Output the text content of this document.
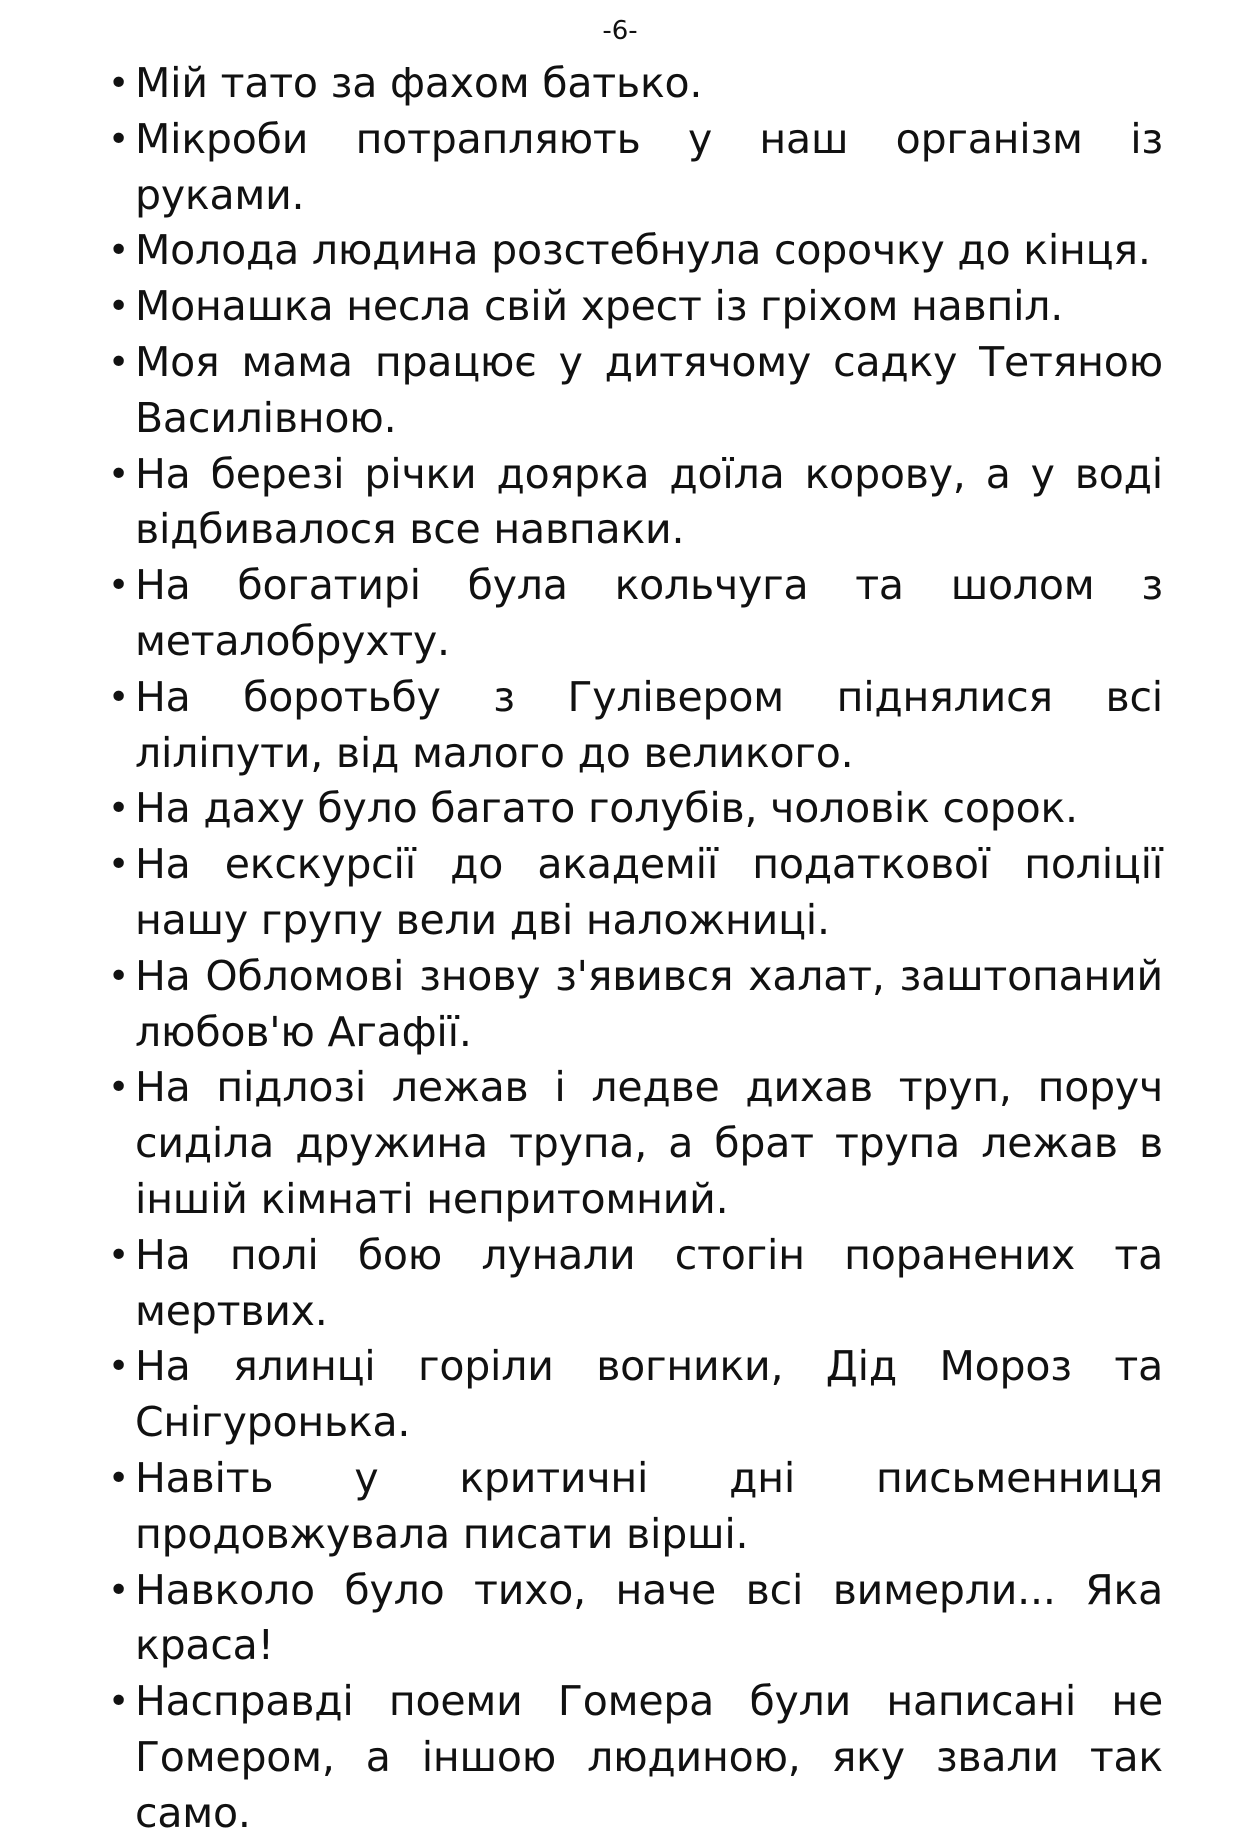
-6-
• Мій тато за фахом батько.
• Мікроби потрапляють у наш організм із руками.
• Молода людина розстебнула сорочку до кінця.
• Монашка несла свій хрест із гріхом навпіл.
• Моя мама працює у дитячому садку Тетяною Василівною.
• На березі річки доярка доїла корову, а у воді відбивалося все навпаки.
• На богатирі була кольчуга та шолом з металобрухту.
• На боротьбу з Гулівером піднялися всі ліліпути, від малого до великого.
• На даху було багато голубів, чоловік сорок.
• На екскурсії до академії податкової поліції нашу групу вели дві наложниці.
• На Обломові знову з'явився халат, заштопаний любов'ю Агафії.
• На підлозі лежав і ледве дихав труп, поруч сиділа дружина трупа, а брат трупа лежав в іншій кімнаті непритомний.
• На полі бою лунали стогін поранених та мертвих.
• На ялинці горіли вогники, Дід Мороз та Снігуронька.
• Навіть у критичні дні письменниця продовжувала писати вірші.
• Навколо було тихо, наче всі вимерли... Яка краса!
• Насправді поеми Гомера були написані не Гомером, а іншою людиною, яку звали так само.
